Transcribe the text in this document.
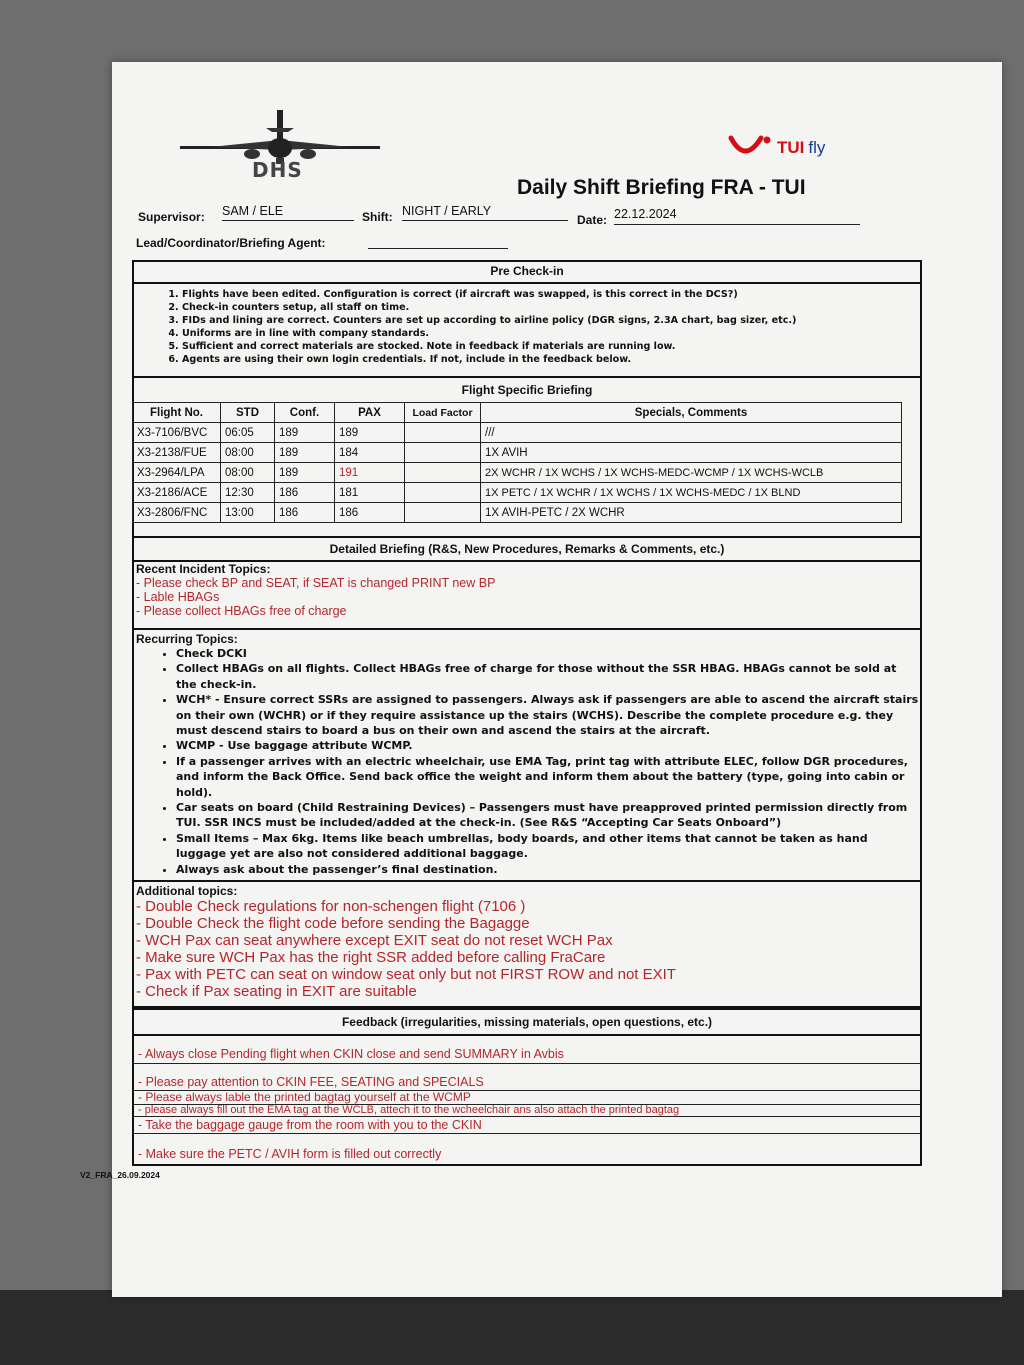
DHS
TUI fly
Daily Shift Briefing FRA - TUI
Supervisor: SAM / ELE	Shift: NIGHT / EARLY
Date: 22.12.2024
Lead/Coordinator/Briefing Agent:
Pre Check-in
1. Flights have been edited. Configuration is correct (if aircraft was swapped, is this correct in the DCS?)
2. Check-in counters setup, all staff on time.
3. FIDs and lining are correct. Counters are set up according to airline policy (DGR signs, 2.3A chart, bag sizer, etc.)
4. Uniforms are in line with company standards.
5. Sufficient and correct materials are stocked. Note in feedback if materials are running low.
6. Agents are using their own login credentials. If not, include in the feedback below.
Flight Specific Briefing
Flight No.	STD	Conf.	PAX	Load Factor	Specials, Comments
X3-7106/BVC	06:05	189	189		///
X3-2138/FUE	08:00	189	184		1X AVIH
X3-2964/LPA	08:00	189	191		2X WCHR / 1X WCHS / 1X WCHS-MEDC-WCMP / 1X WCHS-WCLB
X3-2186/ACE	12:30	186	181		1X PETC / 1X WCHR / 1X WCHS / 1X WCHS-MEDC / 1X BLND
X3-2806/FNC	13:00	186	186		1X AVIH-PETC / 2X WCHR
Detailed Briefing (R&S, New Procedures, Remarks & Comments, etc.)
Recent Incident Topics:
- Please check BP and SEAT, if SEAT is changed PRINT new BP
- Lable HBAGs
- Please collect HBAGs free of charge
Recurring Topics:
• Check DCKI
• Collect HBAGs on all flights. Collect HBAGs free of charge for those without the SSR HBAG. HBAGs cannot be sold at the check-in.
• WCH* - Ensure correct SSRs are assigned to passengers. Always ask if passengers are able to ascend the aircraft stairs on their own (WCHR) or if they require assistance up the stairs (WCHS). Describe the complete procedure e.g. they must descend stairs to board a bus on their own and ascend the stairs at the aircraft.
• WCMP - Use baggage attribute WCMP.
• If a passenger arrives with an electric wheelchair, use EMA Tag, print tag with attribute ELEC, follow DGR procedures, and inform the Back Office. Send back office the weight and inform them about the battery (type, going into cabin or hold).
• Car seats on board (Child Restraining Devices) – Passengers must have preapproved printed permission directly from TUI. SSR INCS must be included/added at the check-in. (See R&S “Accepting Car Seats Onboard”)
• Small Items – Max 6kg. Items like beach umbrellas, body boards, and other items that cannot be taken as hand luggage yet are also not considered additional baggage.
• Always ask about the passenger’s final destination.
Additional topics:
- Double Check regulations for non-schengen flight (7106 )
- Double Check the flight code before sending the Bagagge
- WCH Pax can seat anywhere except EXIT seat do not reset WCH Pax
- Make sure WCH Pax has the right SSR added before calling FraCare
- Pax with PETC can seat on window seat only but not FIRST ROW and not EXIT
- Check if Pax seating in EXIT are suitable
Feedback (irregularities, missing materials, open questions, etc.)
- Always close Pending flight when CKIN close and send SUMMARY in Avbis
- Please pay attention to CKIN FEE, SEATING and SPECIALS
- Please always lable the printed bagtag yourself at the WCMP
- please always fill out the EMA tag at the WCLB, attech it to the wcheelchair ans also attach the printed bagtag
- Take the baggage gauge from the room with you to the CKIN
- Make sure the PETC / AVIH form is filled out correctly
V2_FRA_26.09.2024
